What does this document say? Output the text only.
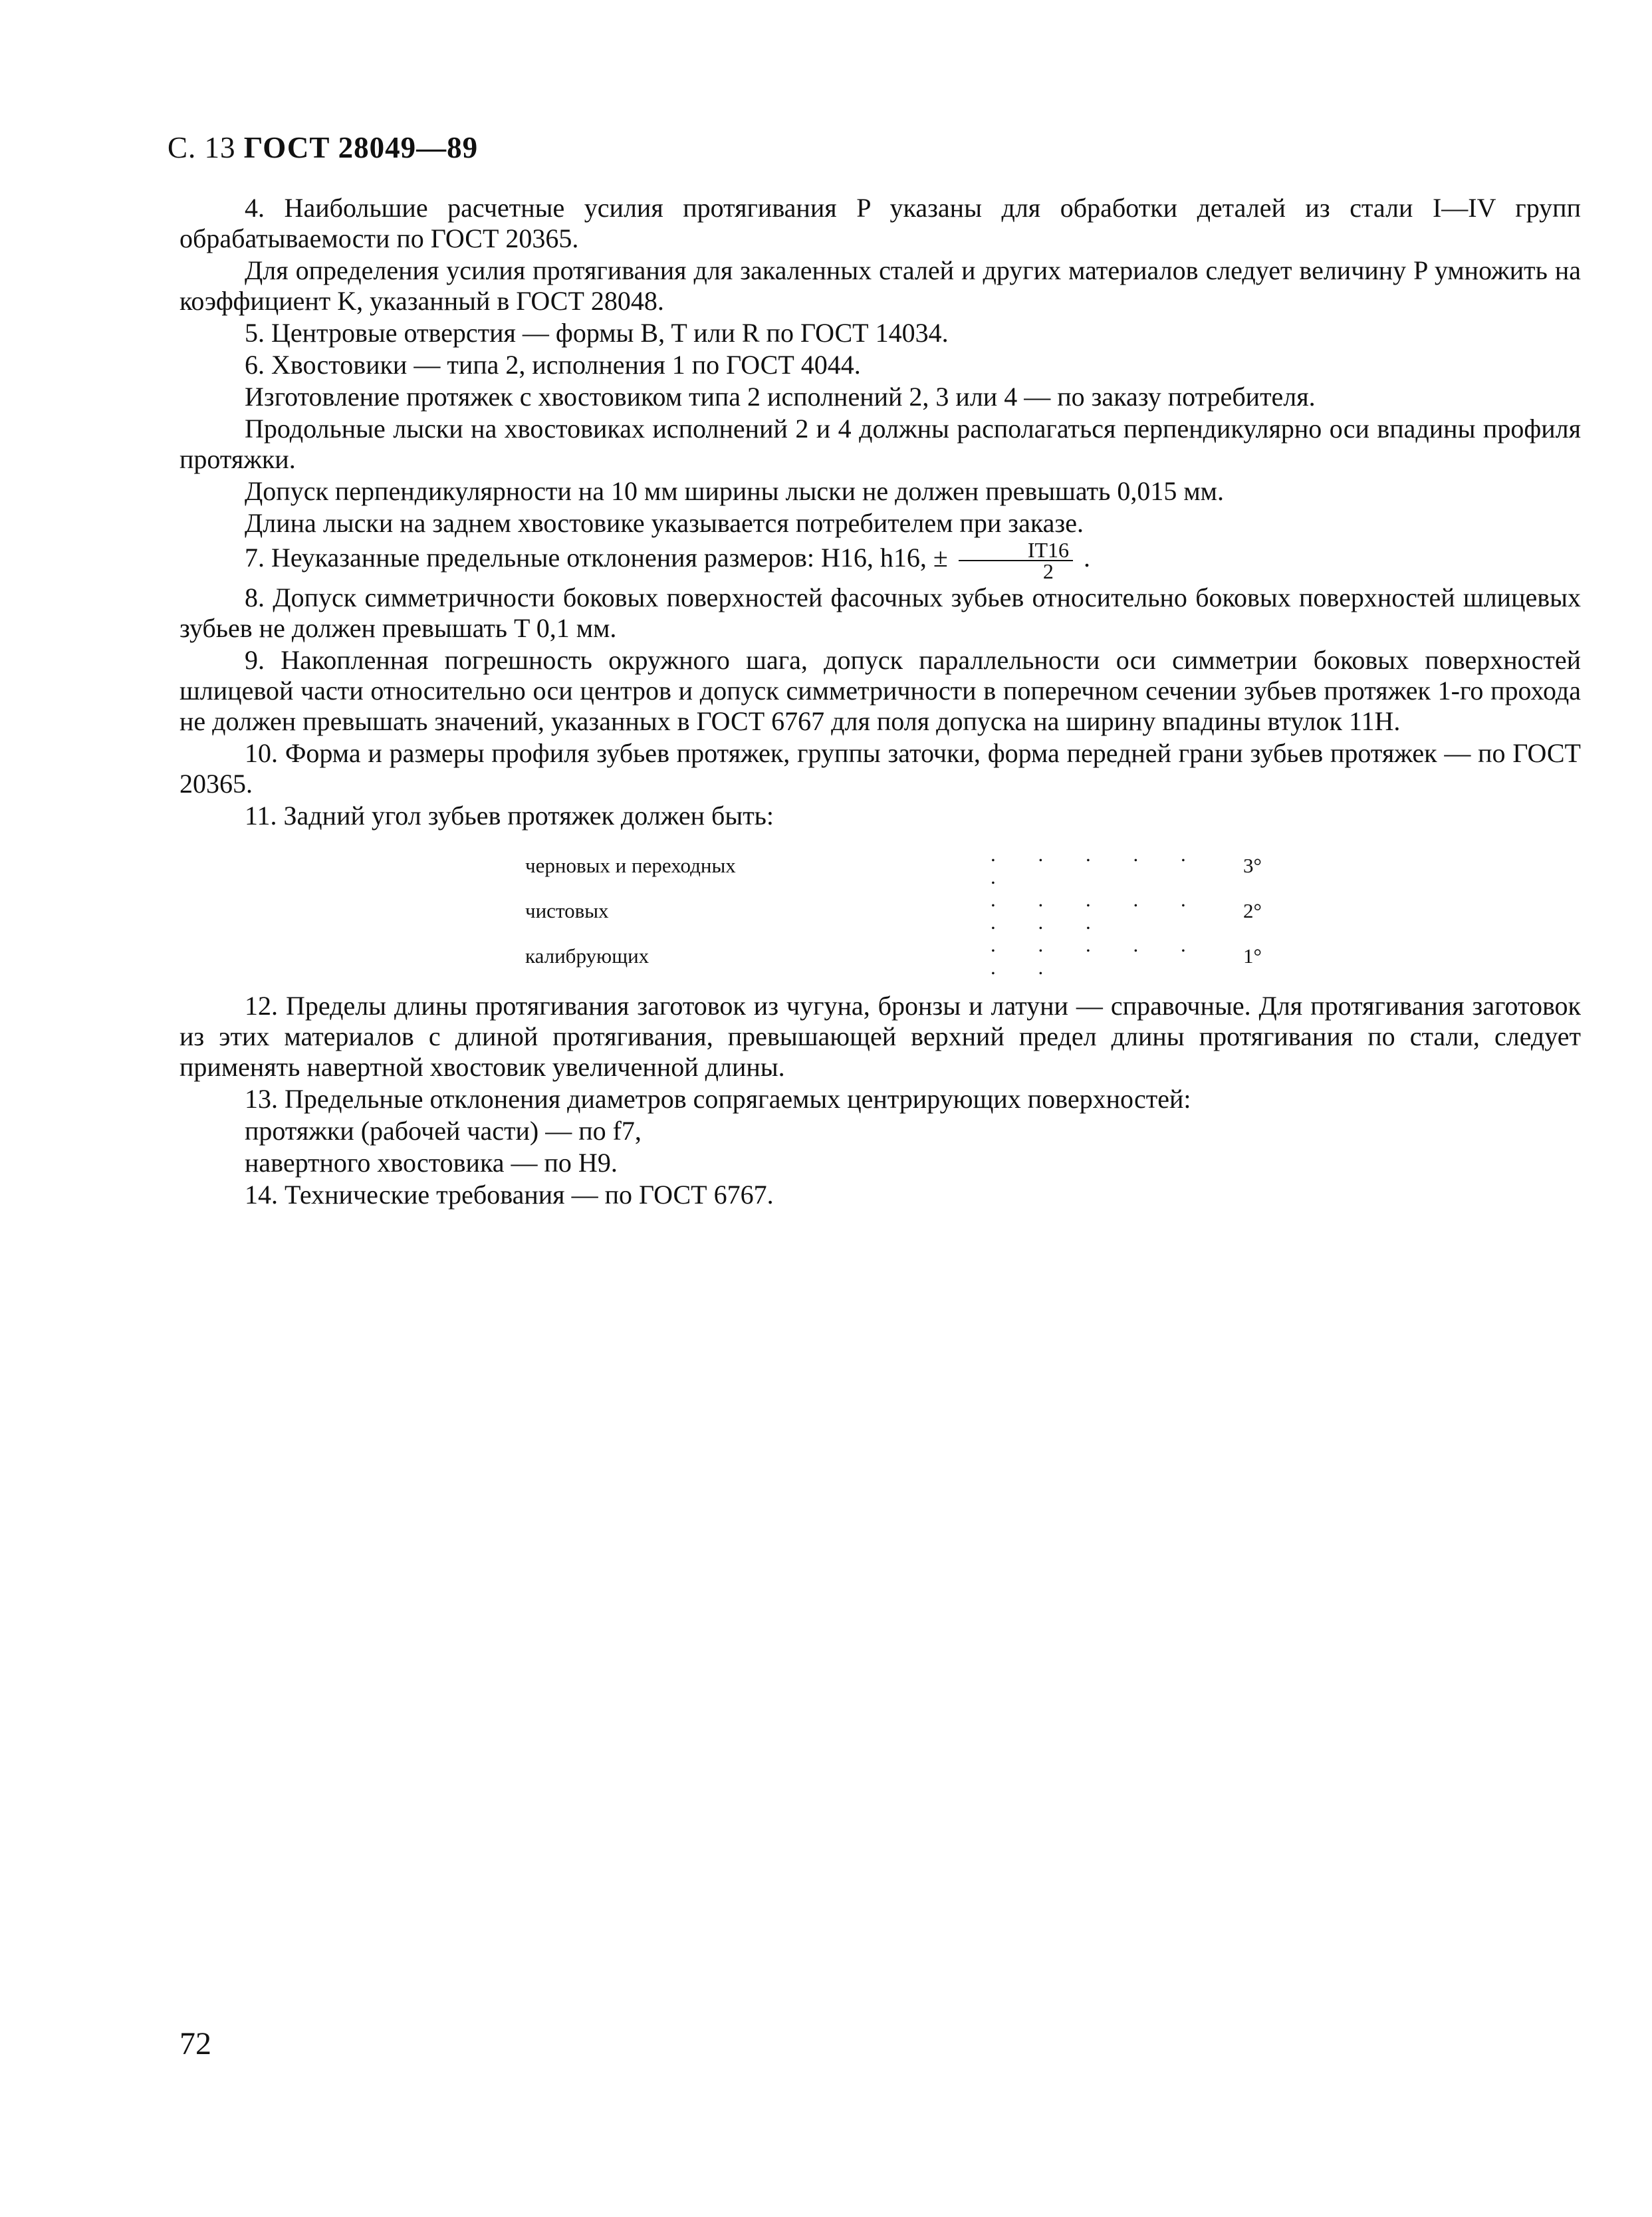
С. 13 ГОСТ 28049—89

4. Наибольшие расчетные усилия протягивания P указаны для обработки деталей из стали I—IV групп обрабатываемости по ГОСТ 20365.

Для определения усилия протягивания для закаленных сталей и других материалов следует величину P умножить на коэффициент K, указанный в ГОСТ 28048.

5. Центровые отверстия — формы B, T или R по ГОСТ 14034.

6. Хвостовики — типа 2, исполнения 1 по ГОСТ 4044.

Изготовление протяжек с хвостовиком типа 2 исполнений 2, 3 или 4 — по заказу потребителя.

Продольные лыски на хвостовиках исполнений 2 и 4 должны располагаться перпендикулярно оси впадины профиля протяжки.

Допуск перпендикулярности на 10 мм ширины лыски не должен превышать 0,015 мм.

Длина лыски на заднем хвостовике указывается потребителем при заказе.

7. Неуказанные предельные отклонения размеров: H16, h16, ± $\frac{IT16}{2}$ .

8. Допуск симметричности боковых поверхностей фасочных зубьев относительно боковых поверхностей шлицевых зубьев не должен превышать T 0,1 мм.

9. Накопленная погрешность окружного шага, допуск параллельности оси симметрии боковых поверхностей шлицевой части относительно оси центров и допуск симметричности в поперечном сечении зубьев протяжек 1-го прохода не должен превышать значений, указанных в ГОСТ 6767 для поля допуска на ширину впадины втулок 11H.

10. Форма и размеры профиля зубьев протяжек, группы заточки, форма передней грани зубьев протяжек — по ГОСТ 20365.

11. Задний угол зубьев протяжек должен быть:

черновых и переходных	. . . . . .	3°
чистовых	. . . . . . . .	2°
калибрующих	. . . . . . .	1°

12. Пределы длины протягивания заготовок из чугуна, бронзы и латуни — справочные. Для протягивания заготовок из этих материалов с длиной протягивания, превышающей верхний предел длины протягивания по стали, следует применять навертной хвостовик увеличенной длины.

13. Предельные отклонения диаметров сопрягаемых центрирующих поверхностей:

протяжки (рабочей части) — по f7,

навертного хвостовика — по H9.

14. Технические требования — по ГОСТ 6767.

72
